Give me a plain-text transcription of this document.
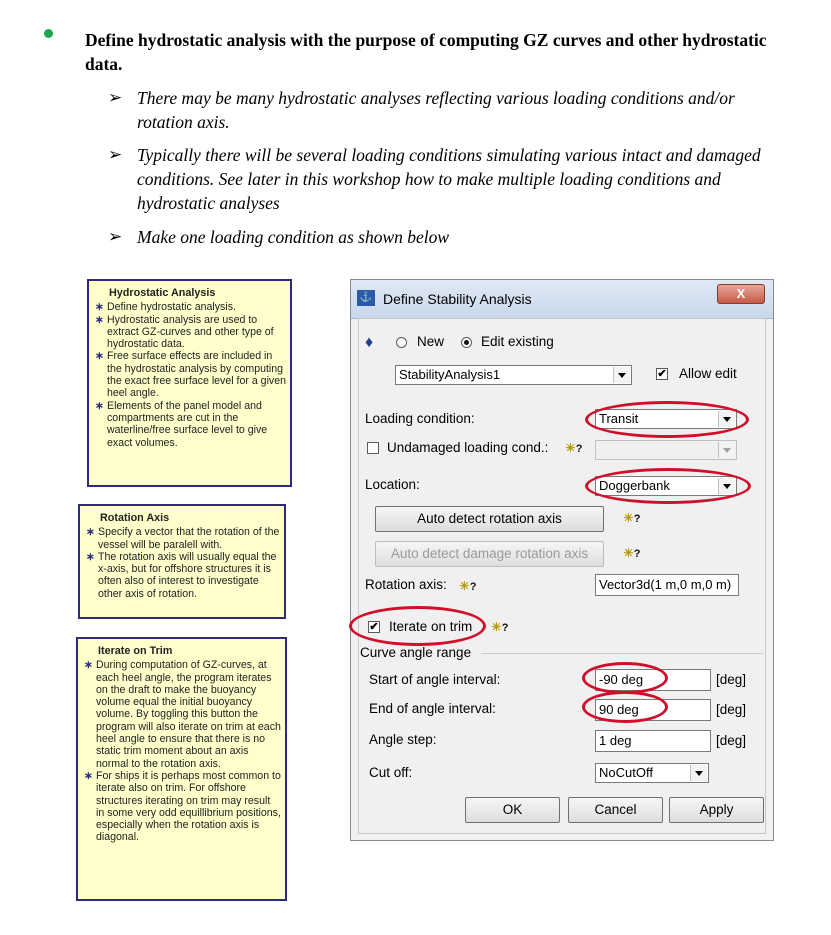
Define hydrostatic analysis with the purpose of computing GZ curves and other hydrostatic data.
➢ There may be many hydrostatic analyses reflecting various loading conditions and/or rotation axis.
➢ Typically there will be several loading conditions simulating various intact and damaged conditions. See later in this workshop how to make multiple loading conditions and hydrostatic analyses
➢ Make one loading condition as shown below
Hydrostatic Analysis
∗ Define hydrostatic analysis.
∗ Hydrostatic analysis are used to extract GZ-curves and other type of hydrostatic data.
∗ Free surface effects are included in the hydrostatic analysis by computing the exact free surface level for a given heel angle.
∗ Elements of the panel model and compartments are cut in the waterline/free surface level to give exact volumes.
Rotation Axis
∗ Specify a vector that the rotation of the vessel will be paralell with.
∗ The rotation axis will usually equal the x-axis, but for offshore structures it is often also of interest to investigate other axis of rotation.
Iterate on Trim
∗ During computation of GZ-curves, at each heel angle, the program iterates on the draft to make the buoyancy volume equal the initial buoyancy volume. By toggling this button the program will also iterate on trim at each heel angle to ensure that there is no static trim moment about an axis normal to the rotation axis.
∗ For ships it is perhaps most common to iterate also on trim. For offshore structures iterating on trim may result in some very odd equillibrium positions, especially when the rotation axis is diagonal.
⚓ Define Stability Analysis	X
♦	New	Edit existing
StabilityAnalysis1	✔ Allow edit
Loading condition:	Transit
Undamaged loading cond.: ☀?
Location:	Doggerbank
Auto detect rotation axis	☀?
Auto detect damage rotation axis	☀?
Rotation axis: ☀?	Vector3d(1 m,0 m,0 m)
✔ Iterate on trim ☀?
Curve angle range
Start of angle interval:	-90 deg	[deg]
End of angle interval:	90 deg	[deg]
Angle step:	1 deg	[deg]
Cut off:	NoCutOff
OK	Cancel	Apply
